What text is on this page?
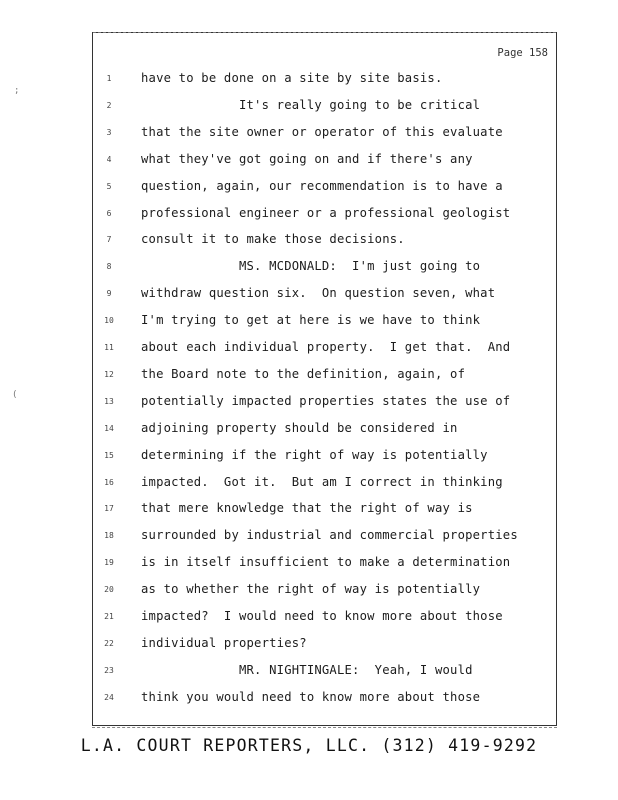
Page 158
1	have to be done on a site by site basis.
2	It's really going to be critical
3	that the site owner or operator of this evaluate
4	what they've got going on and if there's any
5	question, again, our recommendation is to have a
6	professional engineer or a professional geologist
7	consult it to make those decisions.
8	MS. MCDONALD:  I'm just going to
9	withdraw question six.  On question seven, what
10	I'm trying to get at here is we have to think
11	about each individual property.  I get that.  And
12	the Board note to the definition, again, of
13	potentially impacted properties states the use of
14	adjoining property should be considered in
15	determining if the right of way is potentially
16	impacted.  Got it.  But am I correct in thinking
17	that mere knowledge that the right of way is
18	surrounded by industrial and commercial properties
19	is in itself insufficient to make a determination
20	as to whether the right of way is potentially
21	impacted?  I would need to know more about those
22	individual properties?
23	MR. NIGHTINGALE:  Yeah, I would
24	think you would need to know more about those
;
(
L.A. COURT REPORTERS, LLC. (312) 419-9292
